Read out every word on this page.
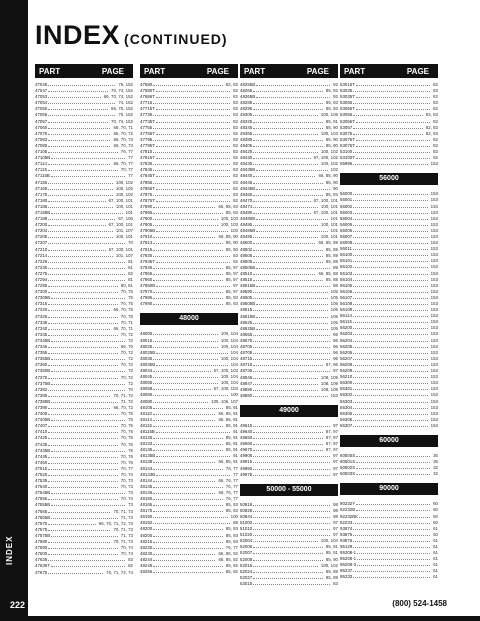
INDEX
222	(800) 524-1458
INDEX (CONTINUED)
PART	PAGE
47046	76, 152
47047	70, 74, 152
47053	66, 70, 74, 152
47054	74, 152
47055	66, 70, 152
47056	70, 152
47057	70, 74, 152
47060	66, 70, 71
47075	66, 70, 72
47083	66, 70, 73
47085	66, 70, 73
47105	76, 77
47105B	77
47114	66, 70, 77
47115	70, 77
47115B	77
47155	100, 102
47165	100, 102
47175	100, 102
47180	67, 100, 101
47185	100, 101
47185B	101
47188	67, 100
47200	67, 100, 101
47204	101, 107
47205	100, 101
47207	70
47210	67, 100, 101
47214	101, 107
47225	81
47235	81
47275	82
47294	81
47295	80, 81
47300	70, 75
47305B	75
47315	70, 75
47320	66, 70, 75
47325	70, 75
47335	70, 71
47340	66, 70, 71
47345	70, 72
47345B	72
47346	66, 70
47355	70, 72
47355B	72
47360	70, 72
47360B	72
47375	70, 72
47375B	72
47382	70
47385	70, 71, 72
47385B	71, 72
47390	66, 70, 72
47405	70, 75
47405B	75
47407	70, 75
47410	70, 76
47425	70, 75
47435	70, 76
47435B	76
47445	70, 76
47460	70, 76
47515	70, 77
47525	70, 73
47535	70, 73
47540	70, 73
47545B	73
47555	70, 73
47555B	73
47565	70, 71, 73
47565B	71, 73
47570	66, 70, 71, 72, 73
47575	70, 71, 73
47575B	71, 73
47580	70, 71, 73
47590	70, 74
47600	70, 74
47635	83
47635T	82
47675	70, 71, 72, 74
PART	PAGE
47680	82, 83
47680T	82
47686T	82
47715	83
47715T	83
47735	83
47735T	82
47755	83
47755T	82
47795	83
47795T	82
47815	83
47815T	82
47835	83
47845	83
47845T	82
47855	83
47855T	82
47875	83
47875T	82
47890	66, 85, 93
47895	85, 93
47900	100, 103
47905	100, 103
47905B	103
47910	66, 85, 90
47913	85, 90
47915	85, 90
47935	83
47935T	82
47945	85, 97
47955	85, 97
47960	85, 97
47960B	97
47970	85, 97
47985	85, 93
47990	85, 93
48000
48005	100, 104
48015	100, 104
48025	100, 104
48025B	104
48035	100, 104
48035B	104
48044	67, 100, 103
48045	100, 104
48055	100, 104
48058	67, 100, 103
48065	100
48080	105, 106, 107
48105	85, 91
48110	66, 85, 91
48114	66, 85, 91
48115	85, 91
48115B	91
48125	85, 91
48133	85, 91
48135	85, 91
48135B	91
48138	66, 85, 91
48143	76, 77
48143B	77
48144	66, 76, 77
48145	76, 77
48146	66, 76, 77
48150	76, 77
48165	85, 93
48175	85, 93
48190	100
48192	88
48200	85, 93
48205	85, 93
48215	85, 93
48230	76, 77
48240	66, 85, 92
48244	66, 85, 92
48245	85, 92
48255	85, 92
PART	PAGE
48255B	92
48265	85, 92
48265B	92
48285	85, 93
48295	85, 93
48305	100, 105
48325	85, 91
48345	85, 90
48365	100, 103
48385	85, 90
48405	85, 90
48425	100, 102
48430	67, 100, 102
48435	100, 102
48435B	102
48440	66, 85, 90
48445	85, 90
48445B	90
48465	85, 93
48470	67, 100, 101
48474	100, 101
48480	67, 100, 101
48480B	101
48485	100, 101
48485B	101
48495	100, 101
48500	66, 85, 89
48502	85, 89
48505	85, 89
48505	85, 89
48505B	89
48510	66, 85, 88
48515	85, 88
48515B	88
48590	105
48605	105
48605B	105
48615	105
48615B	105
48625	105
48625B	105
48655	96
48675	96
48705	96
48709	96
48715	96
48718	87, 96
48735	97
48845	108, 109
48847	108, 109
48895	108, 109
48850	153
49000
49615	97
49640	87, 97
49650	87, 97
49660	87, 97
49670	87, 97
49905	97
49915	97
49950	97
49975	97
50000 - 55000
50818	98
50828	98
50844	98
51000	97
51010	97
51020	97
52004	100, 104
52006	85, 91
52007	85, 91
52008	85, 90
52016	100, 102
52024	85, 89
52027	85, 89
53015	83
PART	PAGE
53015T	82
53035	83
53035T	82
53055	83
53055T	82
53056	82, 83
53056T	82
53057	82, 83
53075	82, 83
53075T	82
53076T	82
53100	83
53100T	82
55996	153
56000
56000	153
56001	153
56002	153
56003	153
56004	153
56005	153
56006	153
56007	153
56008	153
56011	153
56100	153
56101	153
56102	153
56103	153
56104	153
56105	153
56106	153
56107	153
56108	153
56109	153
56114	153
56115	153
56200	153
56203	153
56204	153
56205	153
56206	153
56207	153
56208	153
56209	153
56210	153
56300	153
56301	153
56302	153
56303	153
56304	153
56305	153
56306	153
56307	153
60000
60500S	35
60501S	35
60502S	32
60503S	32
90000
90232Y	60
92232B	60
92232BK	60
92233	60
93874	61
93875	60
93876	61
95129	61
95208-1	61
95208-1	61
95208-3	61
95237	61
95233	61
